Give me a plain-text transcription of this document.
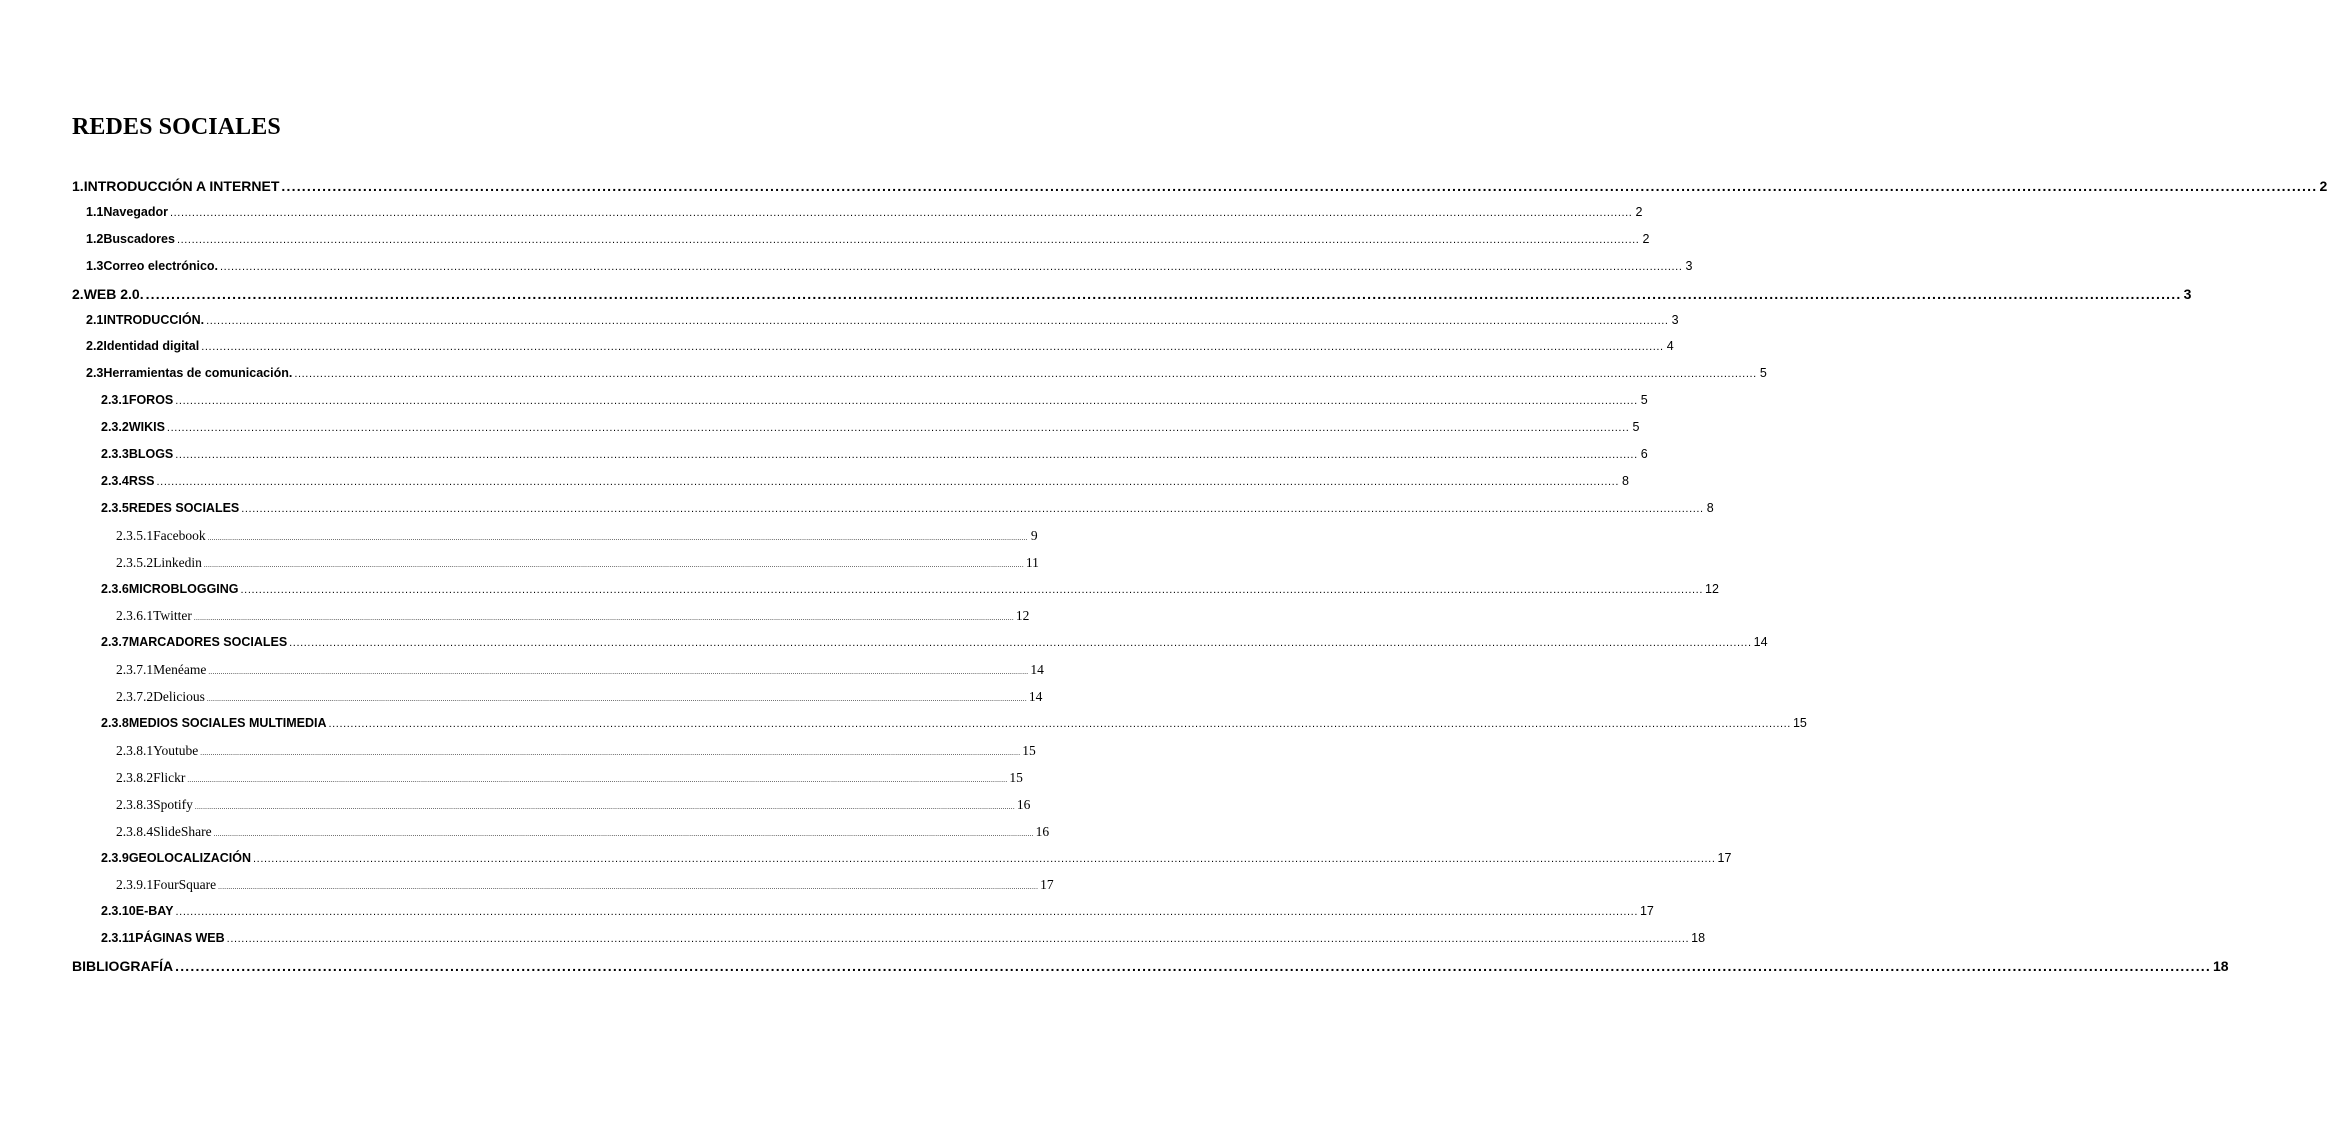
REDES SOCIALES
1. INTRODUCCIÓN A INTERNET ................................................................................................................................................................................................................................................................................................................................................................................................................ 2
1.1 Navegador ................................................................................................................................................................................................................................................................................................................................................................................................................ 2
1.2 Buscadores ................................................................................................................................................................................................................................................................................................................................................................................................................ 2
1.3 Correo electrónico. ................................................................................................................................................................................................................................................................................................................................................................................................................ 3
2. WEB 2.0. ................................................................................................................................................................................................................................................................................................................................................................................................................ 3
2.1 INTRODUCCIÓN. ................................................................................................................................................................................................................................................................................................................................................................................................................ 3
2.2 Identidad digital ................................................................................................................................................................................................................................................................................................................................................................................................................ 4
2.3 Herramientas de comunicación. ................................................................................................................................................................................................................................................................................................................................................................................................................ 5
2.3.1 FOROS ................................................................................................................................................................................................................................................................................................................................................................................................................ 5
2.3.2 WIKIS ................................................................................................................................................................................................................................................................................................................................................................................................................ 5
2.3.3 BLOGS ................................................................................................................................................................................................................................................................................................................................................................................................................ 6
2.3.4 RSS ................................................................................................................................................................................................................................................................................................................................................................................................................ 8
2.3.5 REDES SOCIALES ................................................................................................................................................................................................................................................................................................................................................................................................................ 8
2.3.5.1 Facebook ................................................................................................................................................................................................................................................................................................................................................................................................................ 9
2.3.5.2 Linkedin ................................................................................................................................................................................................................................................................................................................................................................................................................ 11
2.3.6 MICROBLOGGING ................................................................................................................................................................................................................................................................................................................................................................................................................ 12
2.3.6.1 Twitter ................................................................................................................................................................................................................................................................................................................................................................................................................ 12
2.3.7 MARCADORES SOCIALES ................................................................................................................................................................................................................................................................................................................................................................................................................ 14
2.3.7.1 Menéame ................................................................................................................................................................................................................................................................................................................................................................................................................ 14
2.3.7.2 Delicious ................................................................................................................................................................................................................................................................................................................................................................................................................ 14
2.3.8 MEDIOS SOCIALES MULTIMEDIA ................................................................................................................................................................................................................................................................................................................................................................................................................ 15
2.3.8.1 Youtube ................................................................................................................................................................................................................................................................................................................................................................................................................ 15
2.3.8.2 Flickr ................................................................................................................................................................................................................................................................................................................................................................................................................ 15
2.3.8.3 Spotify ................................................................................................................................................................................................................................................................................................................................................................................................................ 16
2.3.8.4 SlideShare ................................................................................................................................................................................................................................................................................................................................................................................................................ 16
2.3.9 GEOLOCALIZACIÓN ................................................................................................................................................................................................................................................................................................................................................................................................................ 17
2.3.9.1 FourSquare ................................................................................................................................................................................................................................................................................................................................................................................................................ 17
2.3.10 E-BAY ................................................................................................................................................................................................................................................................................................................................................................................................................ 17
2.3.11 PÁGINAS WEB ................................................................................................................................................................................................................................................................................................................................................................................................................ 18
BIBLIOGRAFÍA ................................................................................................................................................................................................................................................................................................................................................................................................................ 18
